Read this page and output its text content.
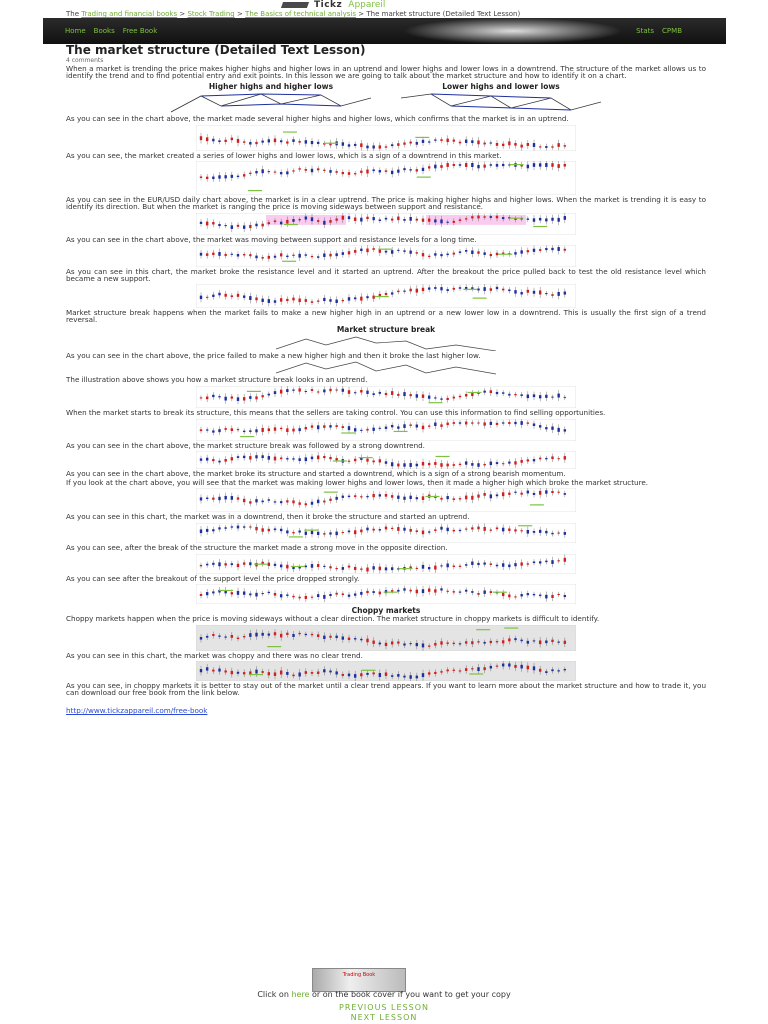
Tickz Appareil
The Trading and financial books > Stock Trading > The Basics of technical analysis > The market structure (Detailed Text Lesson)
Home Books Free Book	Stats CPMB
The market structure (Detailed Text Lesson)
4 comments

When a market is trending the price makes higher highs and higher lows in an uptrend and lower highs and lower lows in a downtrend. The structure of the market allows us to identify the trend and to find potential entry and exit points. In this lesson we are going to talk about the market structure and how to identify it on a chart.

Higher highs and higher lows	Lower highs and lower lows

As you can see in the chart above, the market made several higher highs and higher lows, which confirms that the market is in an uptrend.

As you can see, the market created a series of lower highs and lower lows, which is a sign of a downtrend in this market.

As you can see in the EUR/USD daily chart above, the market is in a clear uptrend. The price is making higher highs and higher lows. When the market is trending it is easy to identify its direction. But when the market is ranging the price is moving sideways between support and resistance.

As you can see in the chart above, the market was moving between support and resistance levels for a long time.

As you can see in this chart, the market broke the resistance level and it started an uptrend. After the breakout the price pulled back to test the old resistance level which became a new support.

Market structure break happens when the market fails to make a new higher high in an uptrend or a new lower low in a downtrend. This is usually the first sign of a trend reversal.

Market structure break

As you can see in the chart above, the price failed to make a new higher high and then it broke the last higher low.

The illustration above shows you how a market structure break looks in an uptrend.

When the market starts to break its structure, this means that the sellers are taking control. You can use this information to find selling opportunities.

As you can see in the chart above, the market structure break was followed by a strong downtrend.

As you can see in the chart above, the market broke its structure and started a downtrend, which is a sign of a strong bearish momentum.

If you look at the chart above, you will see that the market was making lower highs and lower lows, then it made a higher high which broke the market structure.

As you can see in this chart, the market was in a downtrend, then it broke the structure and started an uptrend.

As you can see, after the break of the structure the market made a strong move in the opposite direction.

As you can see after the breakout of the support level the price dropped strongly.

Choppy markets

Choppy markets happen when the price is moving sideways without a clear direction. The market structure in choppy markets is difficult to identify.

As you can see in this chart, the market was choppy and there was no clear trend.

As you can see, in choppy markets it is better to stay out of the market until a clear trend appears. If you want to learn more about the market structure and how to trade it, you can download our free book from the link below.

http://www.tickzappareil.com/free-book
Trading Book
Click on here or on the book cover if you want to get your copy
PREVIOUS LESSON
NEXT LESSON
